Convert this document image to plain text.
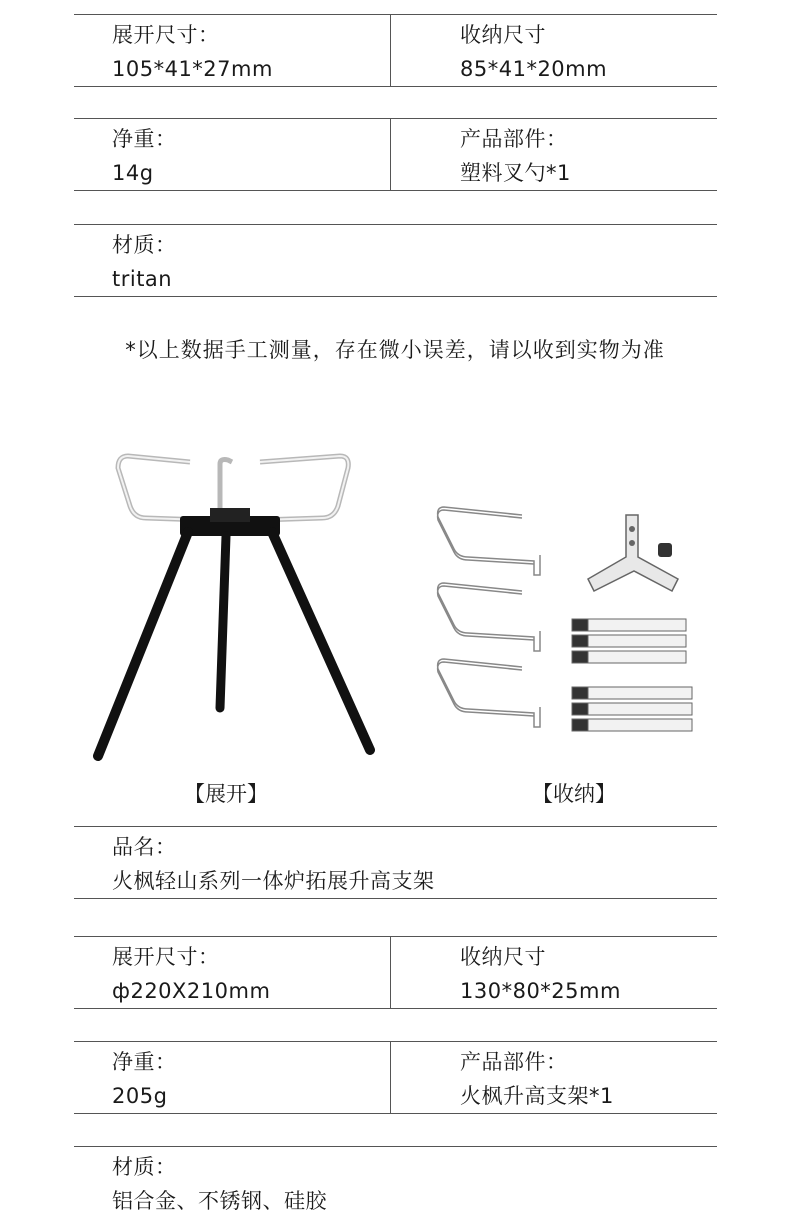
展开尺寸：
105*41*27mm
收纳尺寸
85*41*20mm
净重：
14g
产品部件：
塑料叉勺*1
材质：
tritan
*以上数据手工测量，存在微小误差，请以收到实物为准
【展开】	【收纳】
品名：
火枫轻山系列一体炉拓展升高支架
展开尺寸：
ф220X210mm
收纳尺寸
130*80*25mm
净重：
205g
产品部件：
火枫升高支架*1
材质：
铝合金、不锈钢、硅胶
